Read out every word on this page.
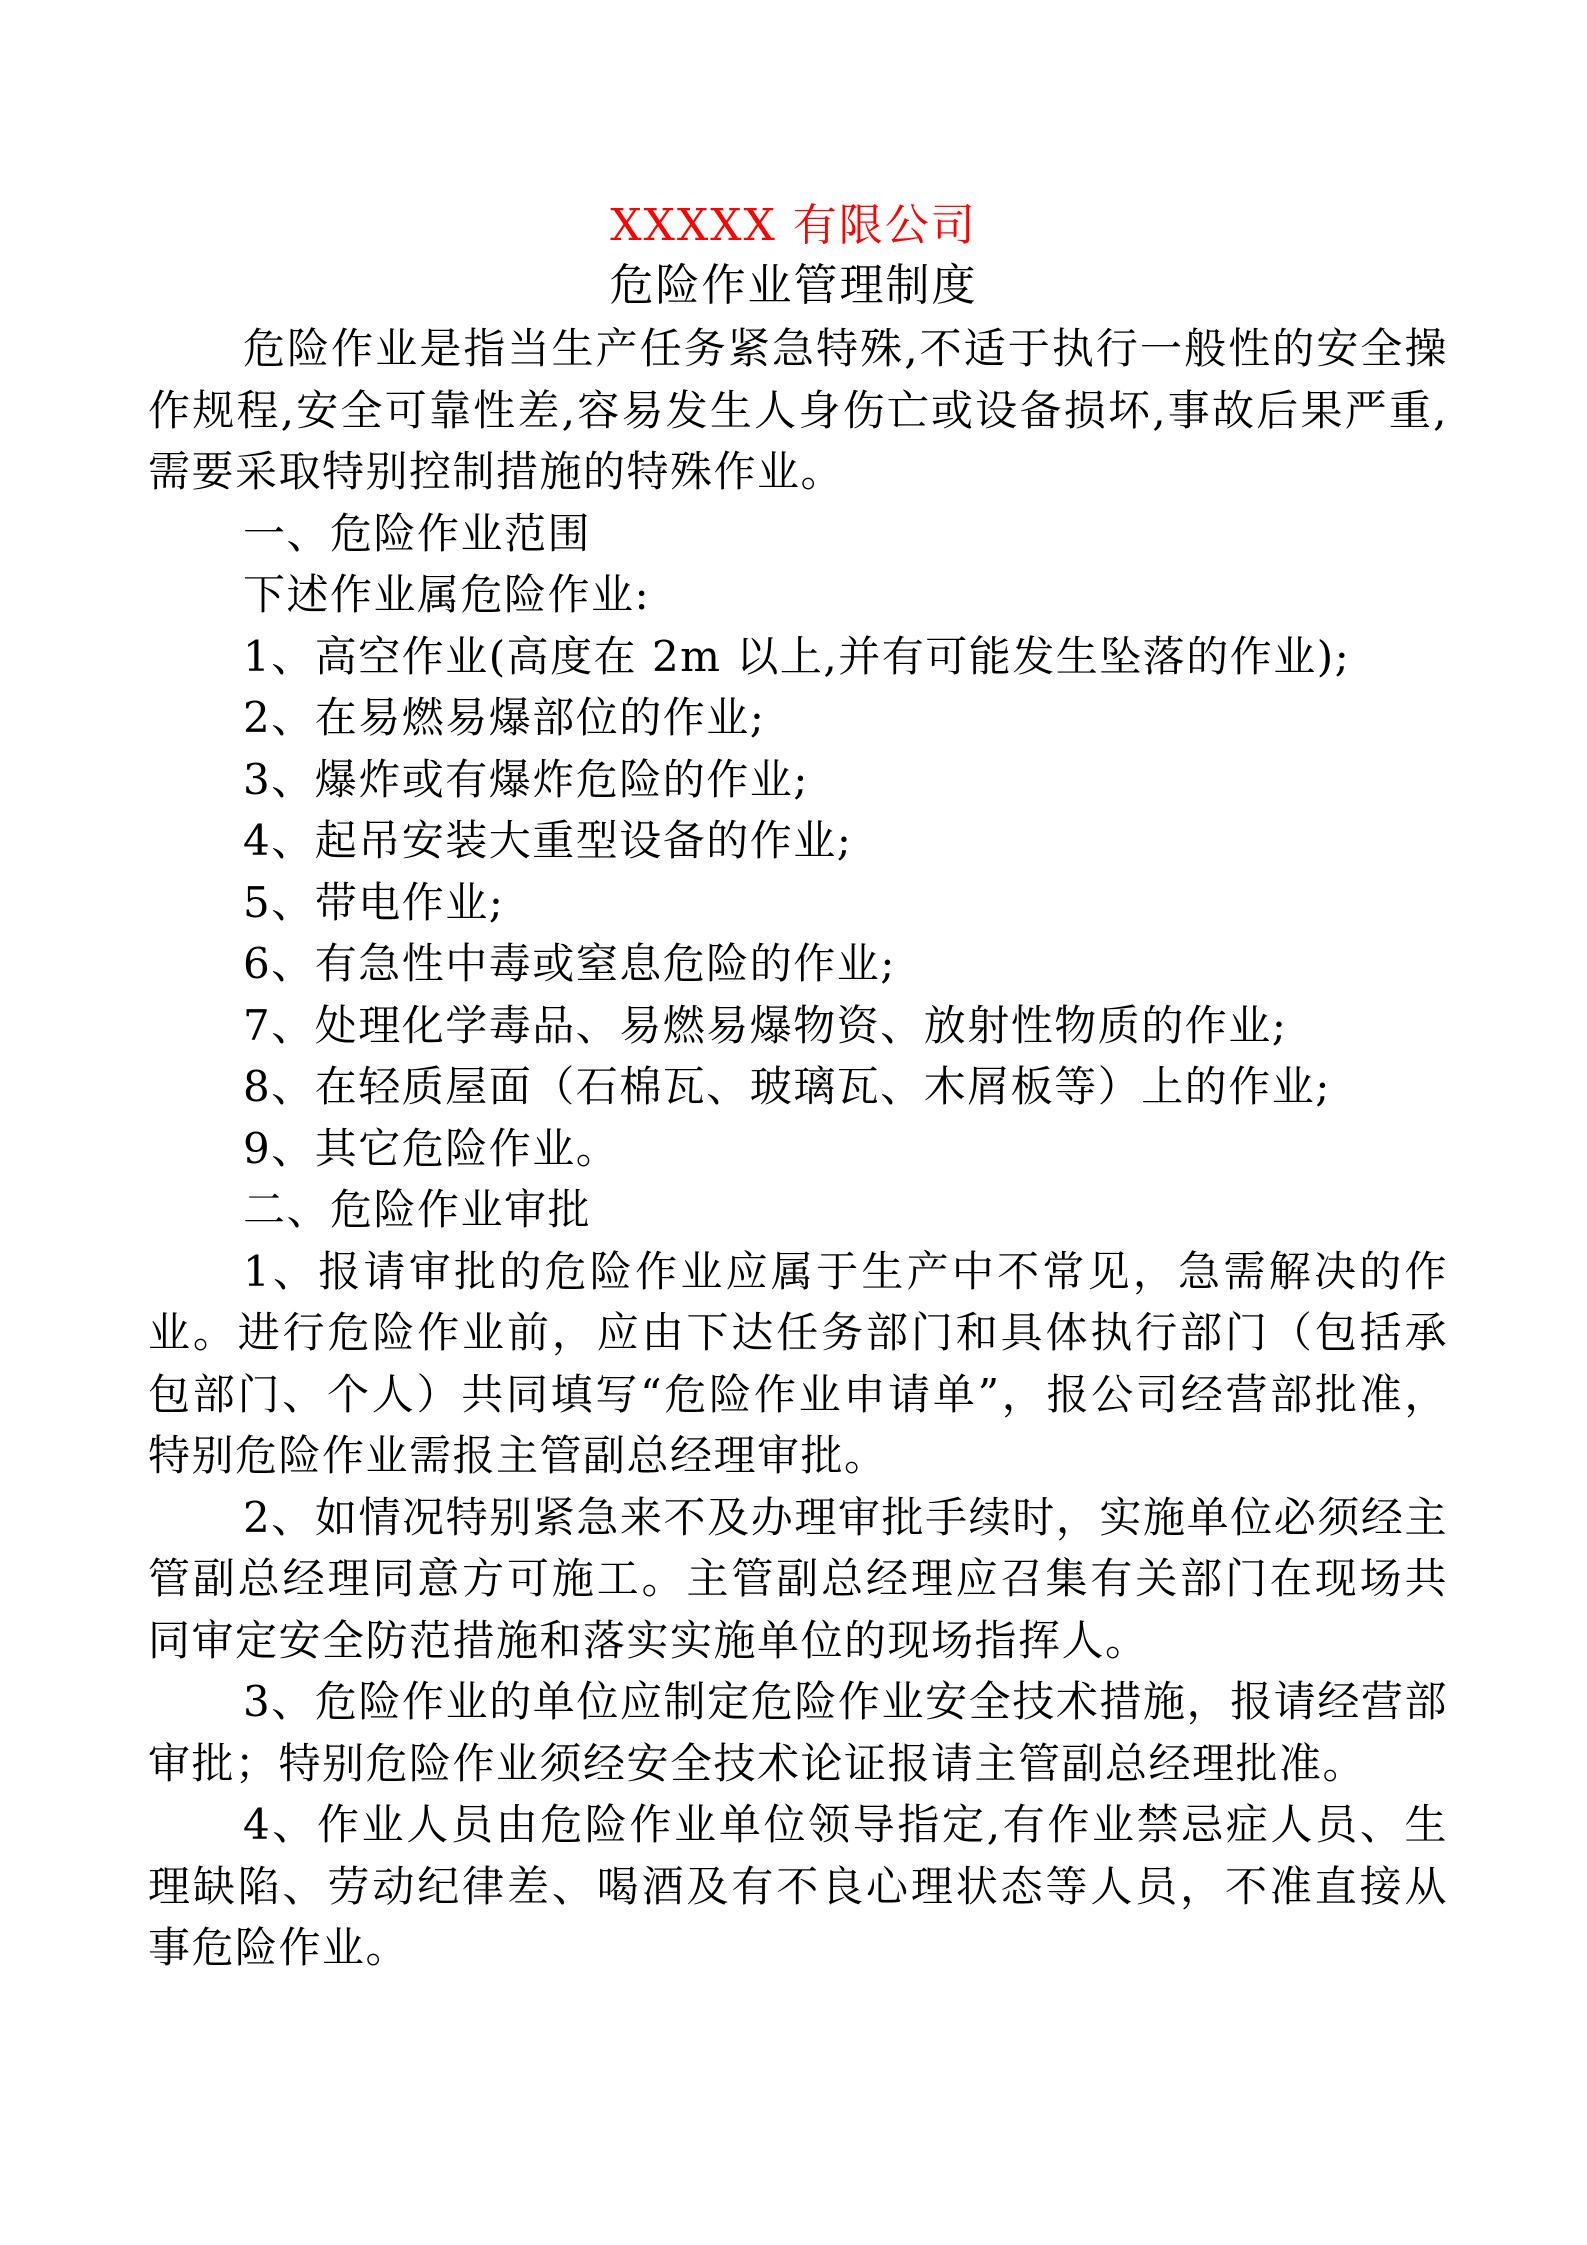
XXXXX 有限公司
危险作业管理制度

危险作业是指当生产任务紧急特殊,不适于执行一般性的安全操作规程,安全可靠性差,容易发生人身伤亡或设备损坏,事故后果严重,需要采取特别控制措施的特殊作业。

一、危险作业范围

下述作业属危险作业:

1、高空作业(高度在 2m 以上,并有可能发生坠落的作业);

2、在易燃易爆部位的作业;

3、爆炸或有爆炸危险的作业;

4、起吊安装大重型设备的作业;

5、带电作业;

6、有急性中毒或窒息危险的作业;

7、处理化学毒品、易燃易爆物资、放射性物质的作业;

8、在轻质屋面（石棉瓦、玻璃瓦、木屑板等）上的作业;

9、其它危险作业。

二、危险作业审批

1、报请审批的危险作业应属于生产中不常见，急需解决的作业。进行危险作业前，应由下达任务部门和具体执行部门（包括承包部门、个人）共同填写“危险作业申请单”，报公司经营部批准，特别危险作业需报主管副总经理审批。

2、如情况特别紧急来不及办理审批手续时，实施单位必须经主管副总经理同意方可施工。主管副总经理应召集有关部门在现场共同审定安全防范措施和落实实施单位的现场指挥人。

3、危险作业的单位应制定危险作业安全技术措施，报请经营部审批；特别危险作业须经安全技术论证报请主管副总经理批准。

4、作业人员由危险作业单位领导指定,有作业禁忌症人员、生理缺陷、劳动纪律差、喝酒及有不良心理状态等人员，不准直接从事危险作业。
